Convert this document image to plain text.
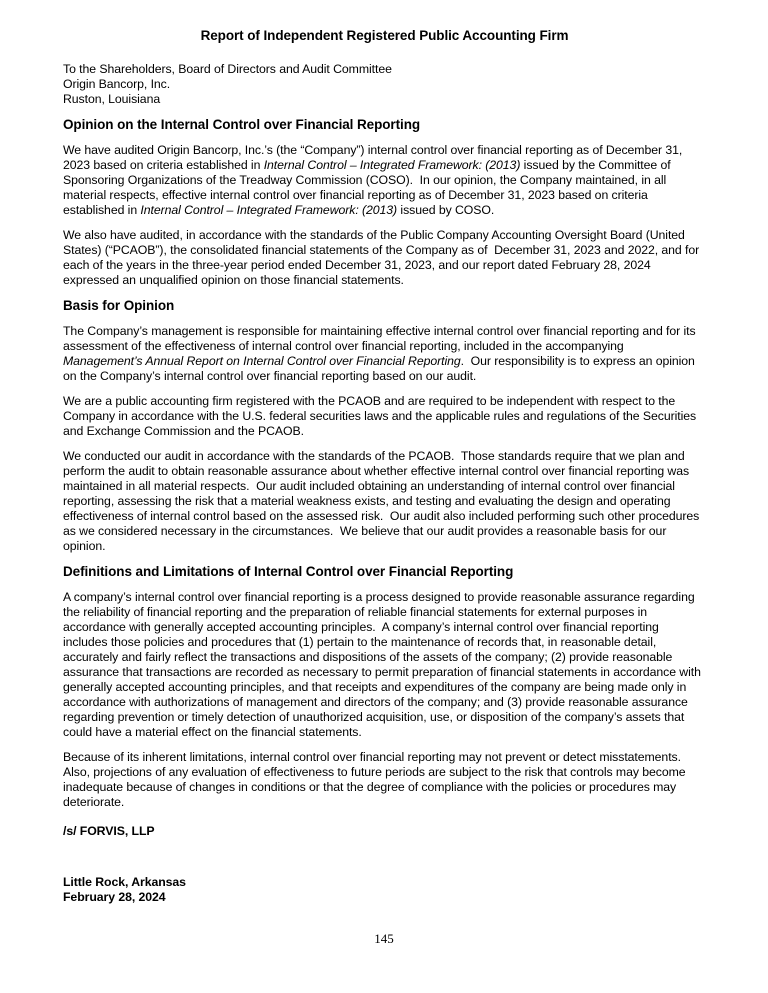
Report of Independent Registered Public Accounting Firm
To the Shareholders, Board of Directors and Audit Committee
Origin Bancorp, Inc.
Ruston, Louisiana
Opinion on the Internal Control over Financial Reporting

We have audited Origin Bancorp, Inc.’s (the “Company”) internal control over financial reporting as of December 31, 2023 based on criteria established in Internal Control – Integrated Framework: (2013) issued by the Committee of Sponsoring Organizations of the Treadway Commission (COSO).  In our opinion, the Company maintained, in all material respects, effective internal control over financial reporting as of December 31, 2023 based on criteria established in Internal Control – Integrated Framework: (2013) issued by COSO.

We also have audited, in accordance with the standards of the Public Company Accounting Oversight Board (United States) (“PCAOB”), the consolidated financial statements of the Company as of  December 31, 2023 and 2022, and for each of the years in the three-year period ended December 31, 2023, and our report dated February 28, 2024 expressed an unqualified opinion on those financial statements.

Basis for Opinion

The Company’s management is responsible for maintaining effective internal control over financial reporting and for its assessment of the effectiveness of internal control over financial reporting, included in the accompanying Management’s Annual Report on Internal Control over Financial Reporting.  Our responsibility is to express an opinion on the Company’s internal control over financial reporting based on our audit.

We are a public accounting firm registered with the PCAOB and are required to be independent with respect to the Company in accordance with the U.S. federal securities laws and the applicable rules and regulations of the Securities and Exchange Commission and the PCAOB.

We conducted our audit in accordance with the standards of the PCAOB.  Those standards require that we plan and perform the audit to obtain reasonable assurance about whether effective internal control over financial reporting was maintained in all material respects.  Our audit included obtaining an understanding of internal control over financial reporting, assessing the risk that a material weakness exists, and testing and evaluating the design and operating effectiveness of internal control based on the assessed risk.  Our audit also included performing such other procedures as we considered necessary in the circumstances.  We believe that our audit provides a reasonable basis for our opinion.

Definitions and Limitations of Internal Control over Financial Reporting

A company’s internal control over financial reporting is a process designed to provide reasonable assurance regarding the reliability of financial reporting and the preparation of reliable financial statements for external purposes in accordance with generally accepted accounting principles.  A company’s internal control over financial reporting includes those policies and procedures that (1) pertain to the maintenance of records that, in reasonable detail, accurately and fairly reflect the transactions and dispositions of the assets of the company; (2) provide reasonable assurance that transactions are recorded as necessary to permit preparation of financial statements in accordance with generally accepted accounting principles, and that receipts and expenditures of the company are being made only in accordance with authorizations of management and directors of the company; and (3) provide reasonable assurance regarding prevention or timely detection of unauthorized acquisition, use, or disposition of the company’s assets that could have a material effect on the financial statements.

Because of its inherent limitations, internal control over financial reporting may not prevent or detect misstatements.  Also, projections of any evaluation of effectiveness to future periods are subject to the risk that controls may become inadequate because of changes in conditions or that the degree of compliance with the policies or procedures may deteriorate.

/s/ FORVIS, LLP

Little Rock, Arkansas
February 28, 2024
145
